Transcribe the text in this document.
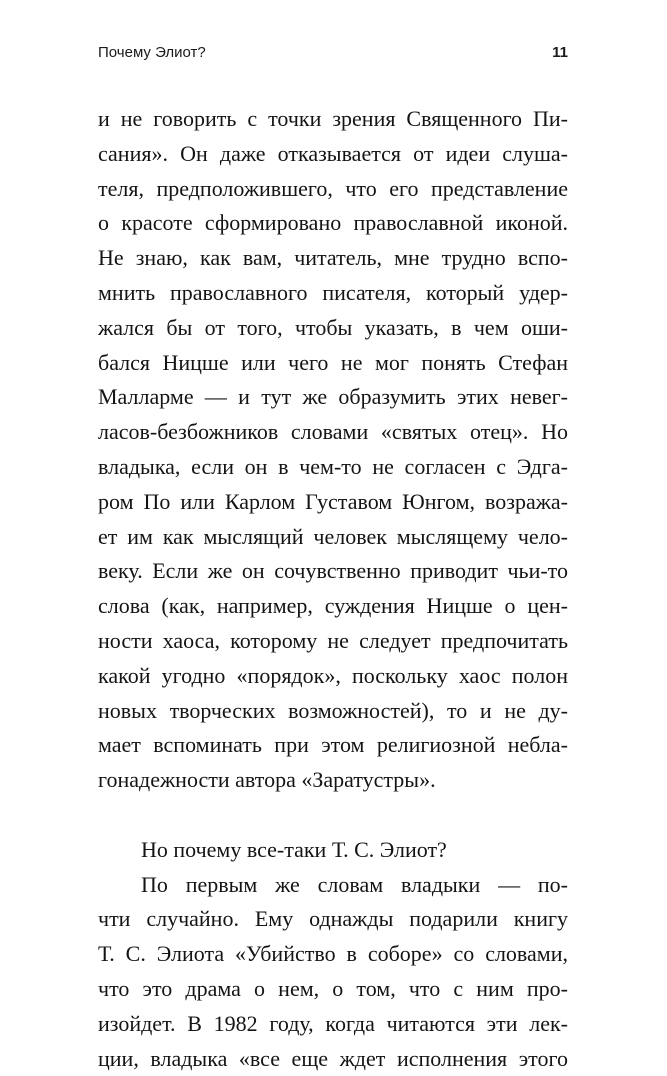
Почему Элиот?	11
и не говорить с точки зрения Священного Пи-
сания». Он даже отказывается от идеи слуша-
теля, предположившего, что его представление
о красоте сформировано православной иконой.
Не знаю, как вам, читатель, мне трудно вспо-
мнить православного писателя, который удер-
жался бы от того, чтобы указать, в чем оши-
бался Ницше или чего не мог понять Стефан
Малларме — и тут же образумить этих невег-
ласов-безбожников словами «святых отец». Но
владыка, если он в чем-то не согласен с Эдга-
ром По или Карлом Густавом Юнгом, возража-
ет им как мыслящий человек мыслящему чело-
веку. Если же он сочувственно приводит чьи-то
слова (как, например, суждения Ницше о цен-
ности хаоса, которому не следует предпочитать
какой угодно «порядок», поскольку хаос полон
новых творческих возможностей), то и не ду-
мает вспоминать при этом религиозной небла-
гонадежности автора «Заратустры».
Но почему все-таки Т. С. Элиот?
По первым же словам владыки — по-
чти случайно. Ему однажды подарили книгу
Т. С. Элиота «Убийство в соборе» со словами,
что это драма о нем, о том, что с ним про-
изойдет. В 1982 году, когда читаются эти лек-
ции, владыка «все еще ждет исполнения этого
